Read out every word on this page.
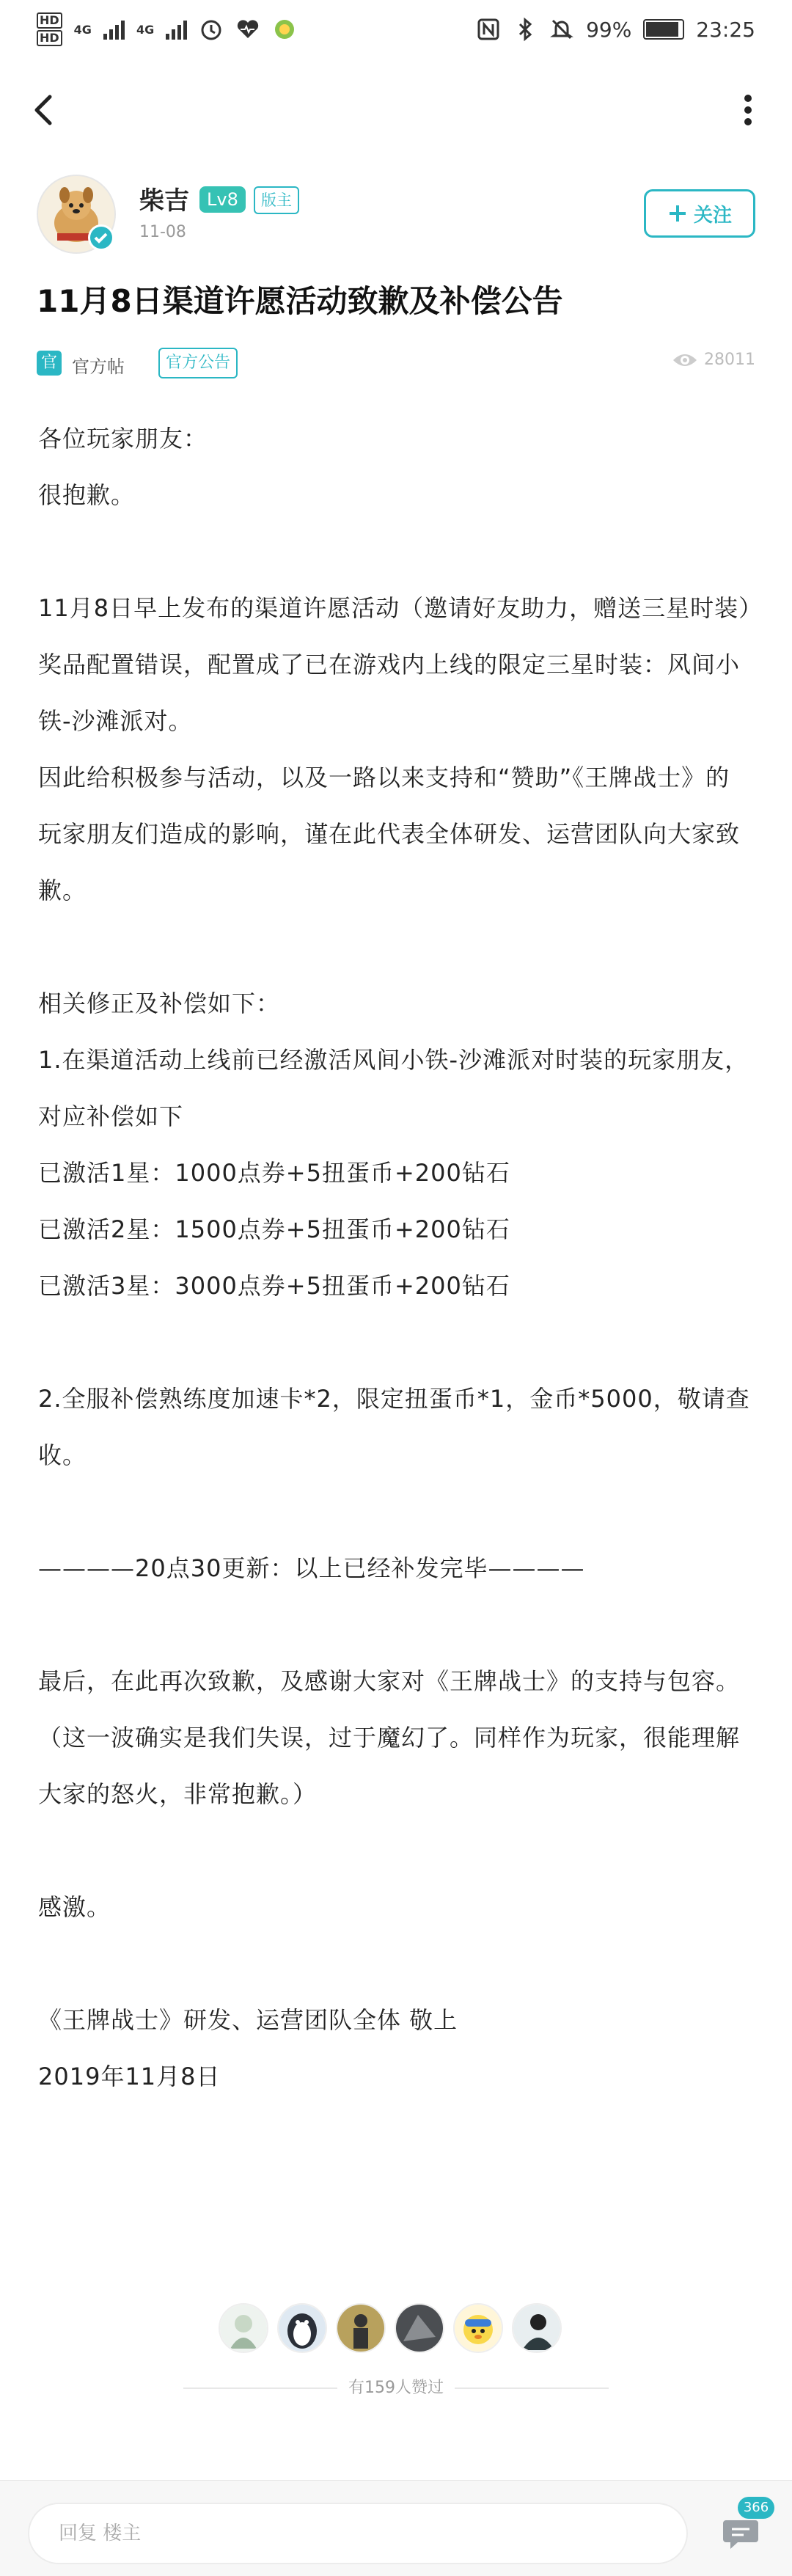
HD
HD
4G	4G	99%	23:25
柴吉	Lv8	版主
11-08
关注
11月8日渠道许愿活动致歉及补偿公告
官 官方帖	官方公告	28011

各位玩家朋友：

很抱歉。

11月8日早上发布的渠道许愿活动（邀请好友助力，赠送三星时装）奖品配置错误，配置成了已在游戏内上线的限定三星时装：风间小铁-沙滩派对。

因此给积极参与活动，以及一路以来支持和“赞助”《王牌战士》的玩家朋友们造成的影响，谨在此代表全体研发、运营团队向大家致歉。

相关修正及补偿如下：

1.在渠道活动上线前已经激活风间小铁-沙滩派对时装的玩家朋友，对应补偿如下

已激活1星：1000点券+5扭蛋币+200钻石

已激活2星：1500点券+5扭蛋币+200钻石

已激活3星：3000点券+5扭蛋币+200钻石

2.全服补偿熟练度加速卡*2，限定扭蛋币*1，金币*5000，敬请查收。

————20点30更新：以上已经补发完毕————

最后，在此再次致歉，及感谢大家对《王牌战士》的支持与包容。

（这一波确实是我们失误，过于魔幻了。同样作为玩家，很能理解大家的怒火，非常抱歉。）

感激。

《王牌战士》研发、运营团队全体 敬上

2019年11月8日

有159人赞过
回复 楼主
366
